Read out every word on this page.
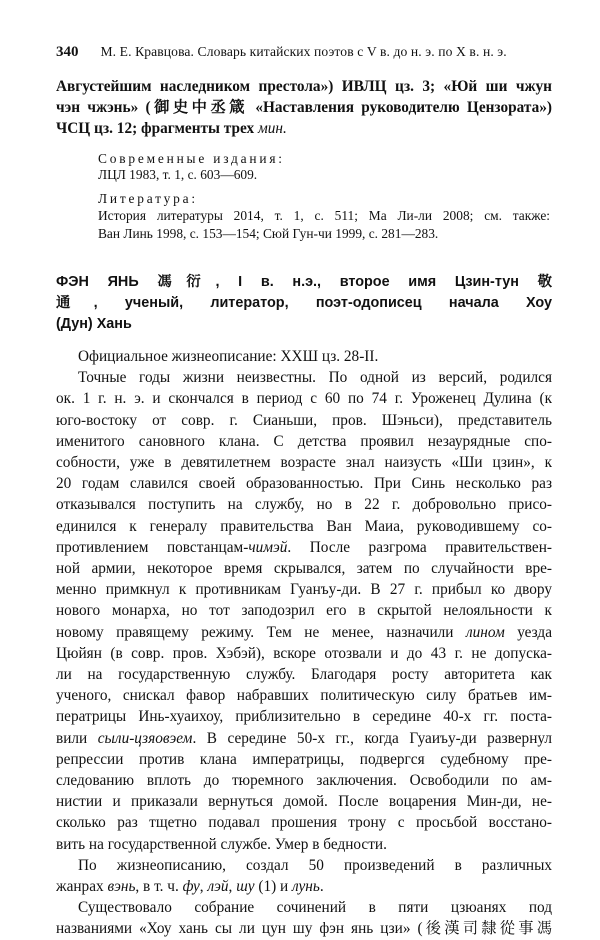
340 М. Е. Кравцова. Словарь китайских поэтов с V в. до н. э. по X в. н. э.
Августейшим наследником престола») ИВЛЦ цз. 3; «Юй ши чжун
чэн чжэнь» (御史中丞箴 «Наставления руководителю Цензората»)
ЧСЦ цз. 12; фрагменты трех мин.
Современные издания:
ЛЦЛ 1983, т. 1, с. 603—609.
Литература:
История литературы 2014, т. 1, с. 511; Ма Ли-ли 2008; см. также:
Ван Линь 1998, с. 153—154; Сюй Гун-чи 1999, с. 281—283.
ФЭН ЯНЬ 馮衍, I в. н.э., второе имя Цзин-тун 敬
通, ученый, литератор, поэт-одописец начала Хоу
(Дун) Хань
Официальное жизнеописание: ХХШ цз. 28-II.
Точные годы жизни неизвестны. По одной из версий, родился
ок. 1 г. н. э. и скончался в период с 60 по 74 г. Уроженец Дулина (к
юго-востоку от совр. г. Сианьши, пров. Шэньси), представитель
именитого сановного клана. С детства проявил незаурядные спо-
собности, уже в девятилетнем возрасте знал наизусть «Ши цзин», к
20 годам славился своей образованностью. При Синь несколько раз
отказывался поступить на службу, но в 22 г. добровольно присо-
единился к генералу правительства Ван Маиа, руководившему со-
противлением повстанцам-чимэй. После разгрома правительствен-
ной армии, некоторое время скрывался, затем по случайности вре-
менно примкнул к противникам Гуанъу-ди. В 27 г. прибыл ко двору
нового монарха, но тот заподозрил его в скрытой нелояльности к
новому правящему режиму. Тем не менее, назначили лином уезда
Цюйян (в совр. пров. Хэбэй), вскоре отозвали и до 43 г. не допуска-
ли на государственную службу. Благодаря росту авторитета как
ученого, снискал фавор набравших политическую силу братьев им-
ператрицы Инь-хуаихоу, приблизительно в середине 40-х гг. поста-
вили сыли-цзяовэем. В середине 50-х гг., когда Гуаиъу-ди развернул
репрессии против клана императрицы, подвергся судебному пре-
следованию вплоть до тюремного заключения. Освободили по ам-
нистии и приказали вернуться домой. После воцарения Мин-ди, не-
сколько раз тщетно подавал прошения трону с просьбой восстано-
вить на государственной службе. Умер в бедности.
По жизнеописанию, создал 50 произведений в различных
жанрах вэнь, в т. ч. фу, лэй, шу (1) и лунь.
Существовало собрание сочинений в пяти цзюанях под
названиями «Хоу хань сы ли цун шу фэн янь цзи» (後漢司隸從事馮
